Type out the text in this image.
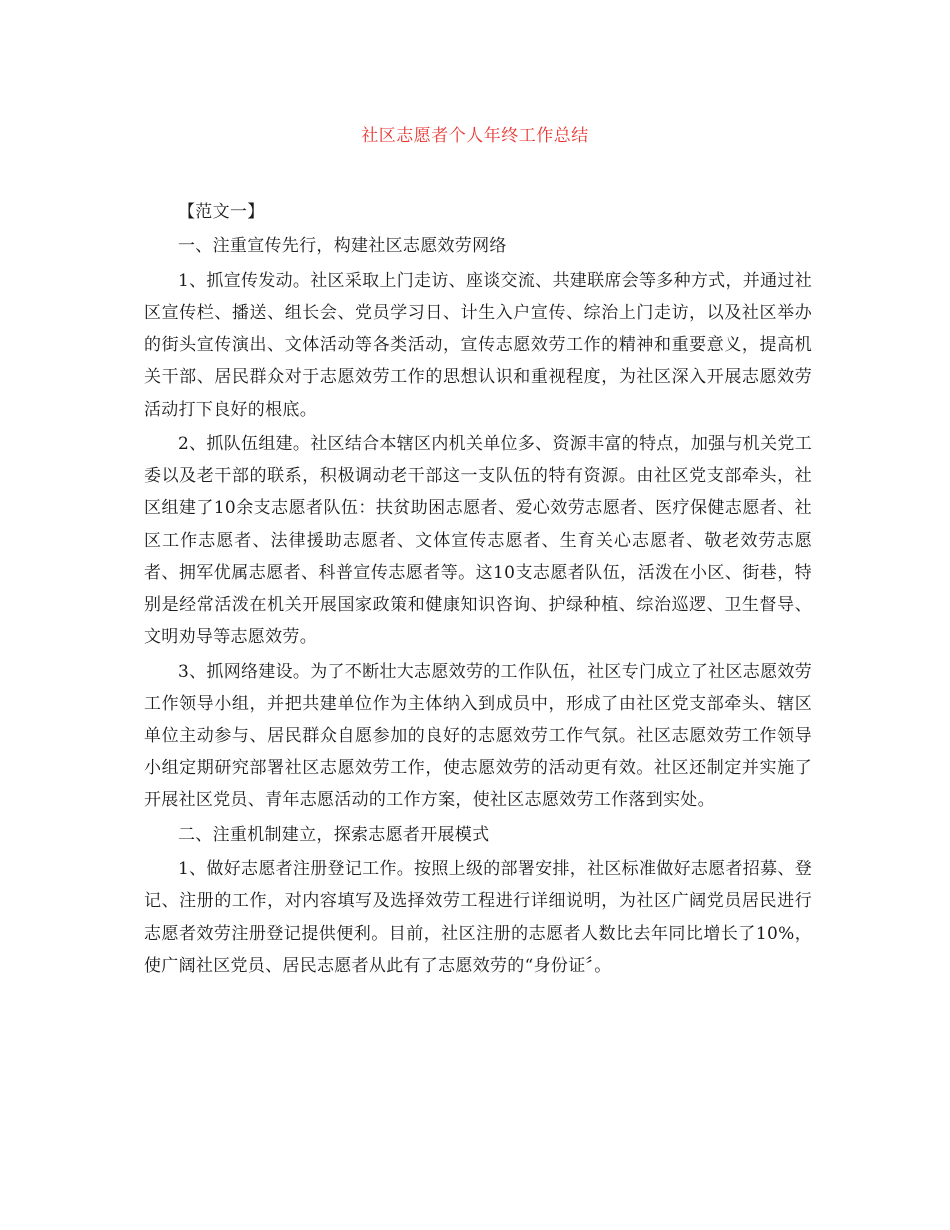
社区志愿者个人年终工作总结

【范文一】

一、注重宣传先行，构建社区志愿效劳网络

1、抓宣传发动。社区采取上门走访、座谈交流、共建联席会等多种方式，并通过社区宣传栏、播送、组长会、党员学习日、计生入户宣传、综治上门走访，以及社区举办的街头宣传演出、文体活动等各类活动，宣传志愿效劳工作的精神和重要意义，提高机关干部、居民群众对于志愿效劳工作的思想认识和重视程度，为社区深入开展志愿效劳活动打下良好的根底。

2、抓队伍组建。社区结合本辖区内机关单位多、资源丰富的特点，加强与机关党工委以及老干部的联系，积极调动老干部这一支队伍的特有资源。由社区党支部牵头，社区组建了10余支志愿者队伍：扶贫助困志愿者、爱心效劳志愿者、医疗保健志愿者、社区工作志愿者、法律援助志愿者、文体宣传志愿者、生育关心志愿者、敬老效劳志愿者、拥军优属志愿者、科普宣传志愿者等。这10支志愿者队伍，活泼在小区、街巷，特别是经常活泼在机关开展国家政策和健康知识咨询、护绿种植、综治巡逻、卫生督导、文明劝导等志愿效劳。

3、抓网络建设。为了不断壮大志愿效劳的工作队伍，社区专门成立了社区志愿效劳工作领导小组，并把共建单位作为主体纳入到成员中，形成了由社区党支部牵头、辖区单位主动参与、居民群众自愿参加的良好的志愿效劳工作气氛。社区志愿效劳工作领导小组定期研究部署社区志愿效劳工作，使志愿效劳的活动更有效。社区还制定并实施了开展社区党员、青年志愿活动的工作方案，使社区志愿效劳工作落到实处。

二、注重机制建立，探索志愿者开展模式

1、做好志愿者注册登记工作。按照上级的部署安排，社区标准做好志愿者招募、登记、注册的工作，对内容填写及选择效劳工程进行详细说明，为社区广阔党员居民进行志愿者效劳注册登记提供便利。目前，社区注册的志愿者人数比去年同比增长了10%，使广阔社区党员、居民志愿者从此有了志愿效劳的“身份证〞。
